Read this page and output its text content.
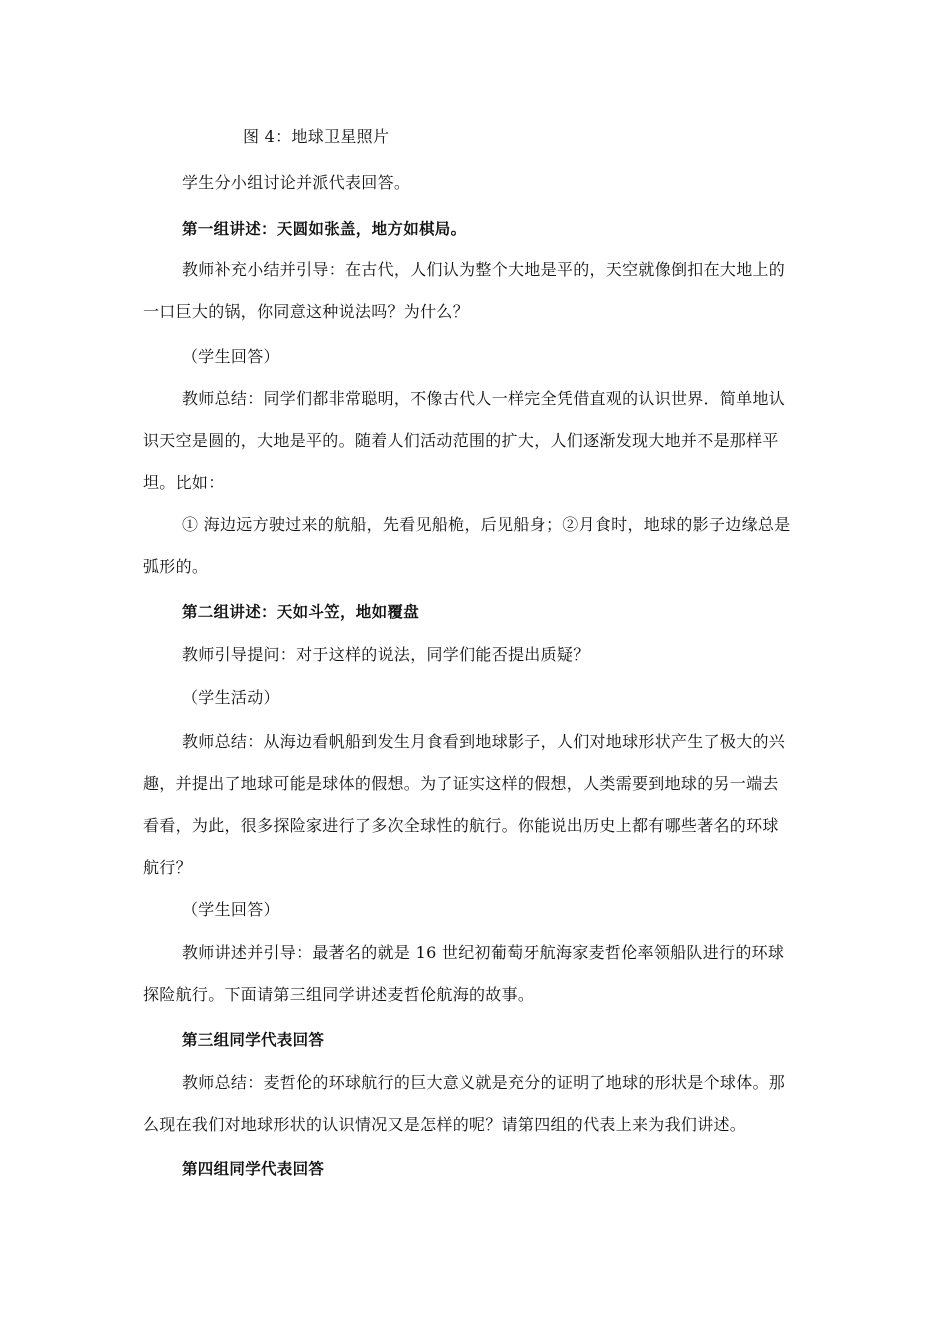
图 4：地球卫星照片
学生分小组讨论并派代表回答。
第一组讲述：天圆如张盖，地方如棋局。
教师补充小结并引导：在古代，人们认为整个大地是平的，天空就像倒扣在大地上的
一口巨大的锅，你同意这种说法吗？为什么？
（学生回答）
教师总结：同学们都非常聪明，不像古代人一样完全凭借直观的认识世界．简单地认
识天空是圆的，大地是平的。随着人们活动范围的扩大，人们逐渐发现大地并不是那样平
坦。比如：
① 海边远方驶过来的航船，先看见船桅，后见船身；②月食时，地球的影子边缘总是
弧形的。
第二组讲述：天如斗笠，地如覆盘
教师引导提问：对于这样的说法，同学们能否提出质疑？
（学生活动）
教师总结：从海边看帆船到发生月食看到地球影子，人们对地球形状产生了极大的兴
趣，并提出了地球可能是球体的假想。为了证实这样的假想，人类需要到地球的另一端去
看看，为此，很多探险家进行了多次全球性的航行。你能说出历史上都有哪些著名的环球
航行？
（学生回答）
教师讲述并引导：最著名的就是 16 世纪初葡萄牙航海家麦哲伦率领船队进行的环球
探险航行。下面请第三组同学讲述麦哲伦航海的故事。
第三组同学代表回答
教师总结：麦哲伦的环球航行的巨大意义就是充分的证明了地球的形状是个球体。那
么现在我们对地球形状的认识情况又是怎样的呢？请第四组的代表上来为我们讲述。
第四组同学代表回答
